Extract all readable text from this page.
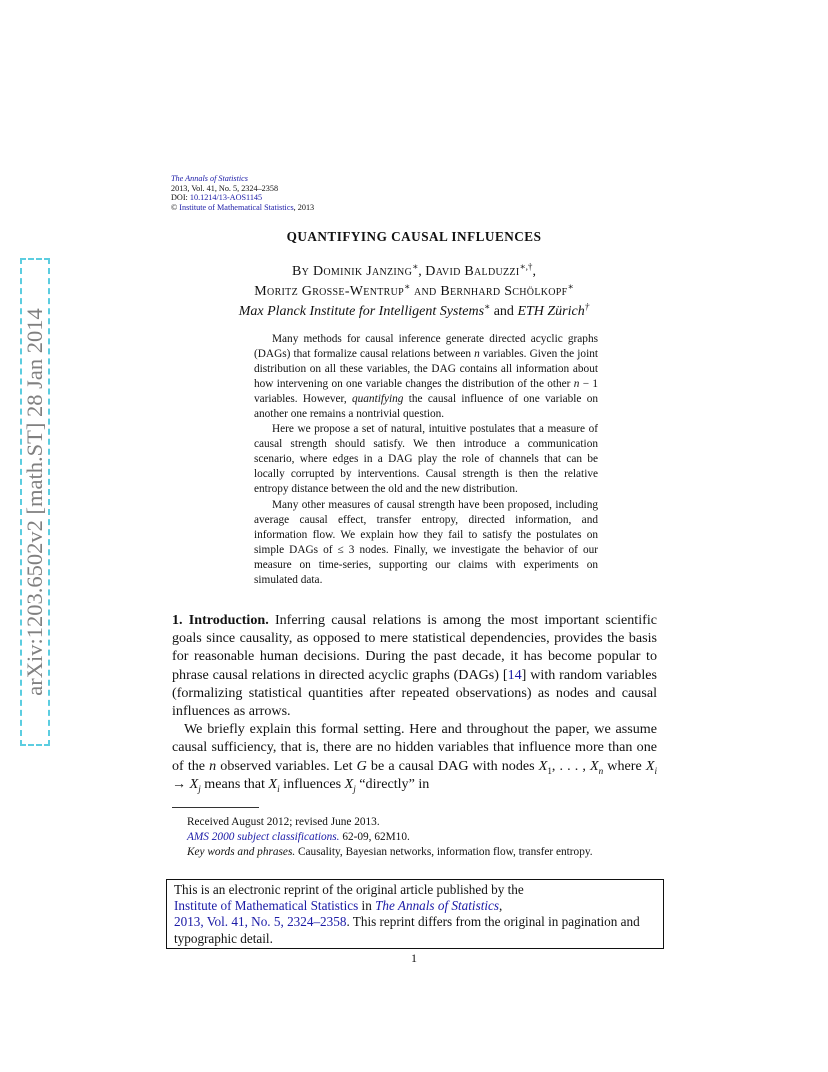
arXiv:1203.6502v2 [math.ST] 28 Jan 2014
The Annals of Statistics
2013, Vol. 41, No. 5, 2324–2358
DOI: 10.1214/13-AOS1145
© Institute of Mathematical Statistics, 2013
QUANTIFYING CAUSAL INFLUENCES
By Dominik Janzing∗, David Balduzzi∗,†,
Moritz Grosse-Wentrup∗ and Bernhard Schölkopf∗
Max Planck Institute for Intelligent Systems∗ and ETH Zürich†

Many methods for causal inference generate directed acyclic graphs (DAGs) that formalize causal relations between n variables. Given the joint distribution on all these variables, the DAG contains all information about how intervening on one variable changes the distribution of the other n − 1 variables. However, quantifying the causal influence of one variable on another one remains a nontrivial question.

Here we propose a set of natural, intuitive postulates that a measure of causal strength should satisfy. We then introduce a communication scenario, where edges in a DAG play the role of channels that can be locally corrupted by interventions. Causal strength is then the relative entropy distance between the old and the new distribution.

Many other measures of causal strength have been proposed, including average causal effect, transfer entropy, directed information, and information flow. We explain how they fail to satisfy the postulates on simple DAGs of ≤ 3 nodes. Finally, we investigate the behavior of our measure on time-series, supporting our claims with experiments on simulated data.

1. Introduction. Inferring causal relations is among the most important scientific goals since causality, as opposed to mere statistical dependencies, provides the basis for reasonable human decisions. During the past decade, it has become popular to phrase causal relations in directed acyclic graphs (DAGs) [14] with random variables (formalizing statistical quantities after repeated observations) as nodes and causal influences as arrows.

We briefly explain this formal setting. Here and throughout the paper, we assume causal sufficiency, that is, there are no hidden variables that influence more than one of the n observed variables. Let G be a causal DAG with nodes $X_1$, . . . , $X_n$ where $X_i \to X_j$ means that $X_i$ influences $X_j$ “directly” in

Received August 2012; revised June 2013.
AMS 2000 subject classifications. 62-09, 62M10.
Key words and phrases. Causality, Bayesian networks, information flow, transfer entropy.
This is an electronic reprint of the original article published by the
Institute of Mathematical Statistics in The Annals of Statistics,
2013, Vol. 41, No. 5, 2324–2358. This reprint differs from the original in pagination and typographic detail.
1
